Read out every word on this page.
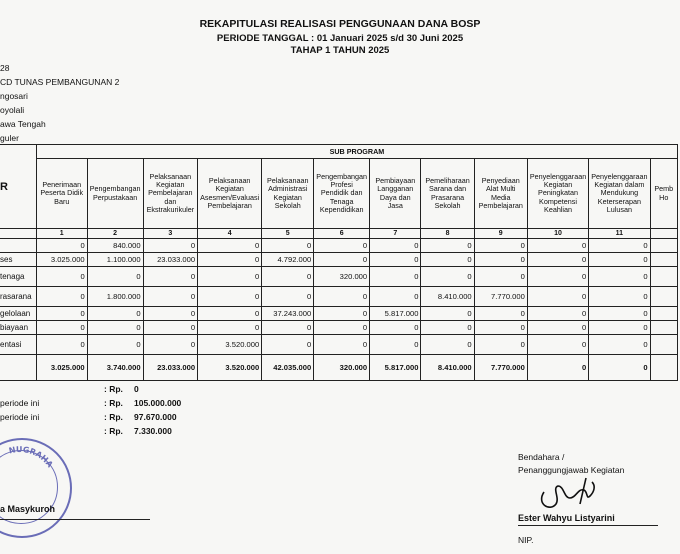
REKAPITULASI REALISASI PENGGUNAAN DANA BOSP
PERIODE TANGGAL : 01 Januari 2025 s/d 30 Juni 2025
TAHAP 1 TAHUN 2025
28
CD TUNAS PEMBANGUNAN 2
ngosari
oyolali
awa Tengah
guler
R	SUB PROGRAM											
	Penerimaan Peserta Didik Baru	Pengembangan Perpustakaan	Pelaksanaan Kegiatan Pembelajaran dan Ekstrakurikuler	Pelaksanaan Kegiatan Asesmen/Evaluasi Pembelajaran	Pelaksanaan Administrasi Kegiatan Sekolah	Pengembangan Profesi Pendidik dan Tenaga Kependidikan	Pembiayaan Langganan Daya dan Jasa	Pemeliharaan Sarana dan Prasarana Sekolah	Penyediaan Alat Multi Media Pembelajaran	Penyelenggaraan Kegiatan Peningkatan Kompetensi Keahlian	Penyelenggaraan Kegiatan dalam Mendukung Keterserapan Lulusan	Pemb Ho
	1	2	3	4	5	6	7	8	9	10	11	
	0	840.000	0	0	0	0	0	0	0	0	0	
ses	3.025.000	1.100.000	23.033.000	0	4.792.000	0	0	0	0	0	0	
tenaga	0	0	0	0	0	320.000	0	0	0	0	0	
rasarana	0	1.800.000	0	0	0	0	0	8.410.000	7.770.000	0	0	
gelolaan	0	0	0	0	37.243.000	0	5.817.000	0	0	0	0	
biayaan	0	0	0	0	0	0	0	0	0	0	0	
entasi	0	0	0	3.520.000	0	0	0	0	0	0	0	
	3.025.000	3.740.000	23.033.000	3.520.000	42.035.000	320.000	5.817.000	8.410.000	7.770.000	0	0	
: Rp. 0
periode ini	: Rp. 105.000.000
periode ini	: Rp. 97.670.000
: Rp. 7.330.000
NUGRAHA
a Masykuroh
Bendahara /
Penanggungjawab Kegiatan
Ester Wahyu Listyarini
NIP.
